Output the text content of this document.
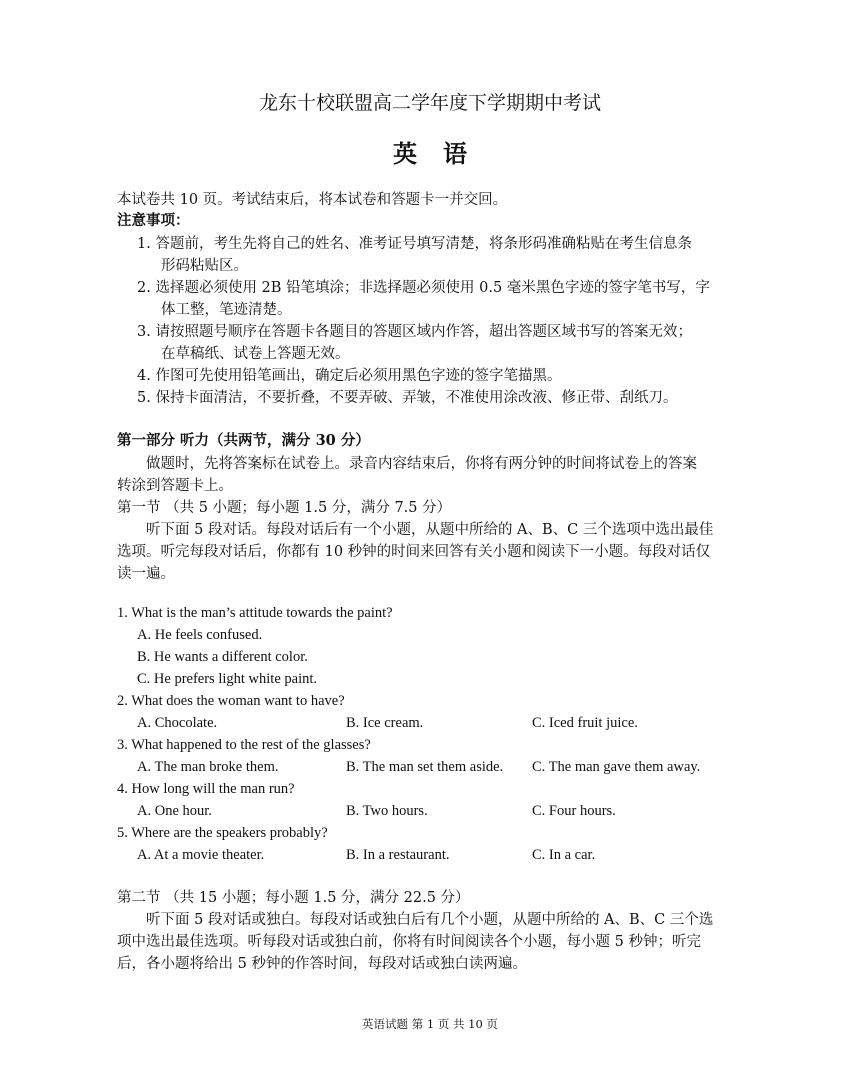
龙东十校联盟高二学年度下学期期中考试
英语
本试卷共 10 页。考试结束后，将本试卷和答题卡一并交回。
注意事项：
1. 答题前，考生先将自己的姓名、准考证号填写清楚，将条形码准确粘贴在考生信息条
形码粘贴区。
2. 选择题必须使用 2B 铅笔填涂；非选择题必须使用 0.5 毫米黑色字迹的签字笔书写，字
体工整，笔迹清楚。
3. 请按照题号顺序在答题卡各题目的答题区域内作答，超出答题区域书写的答案无效；
在草稿纸、试卷上答题无效。
4. 作图可先使用铅笔画出，确定后必须用黑色字迹的签字笔描黑。
5. 保持卡面清洁，不要折叠，不要弄破、弄皱，不准使用涂改液、修正带、刮纸刀。
第一部分 听力（共两节，满分 30 分）
做题时，先将答案标在试卷上。录音内容结束后，你将有两分钟的时间将试卷上的答案
转涂到答题卡上。
第一节 （共 5 小题；每小题 1.5 分，满分 7.5 分）
听下面 5 段对话。每段对话后有一个小题，从题中所给的 A、B、C 三个选项中选出最佳
选项。听完每段对话后，你都有 10 秒钟的时间来回答有关小题和阅读下一小题。每段对话仅
读一遍。
1. What is the man’s attitude towards the paint?
A. He feels confused.
B. He wants a different color.
C. He prefers light white paint.
2. What does the woman want to have?
A. Chocolate.	B. Ice cream.	C. Iced fruit juice.
3. What happened to the rest of the glasses?
A. The man broke them.	B. The man set them aside. C. The man gave them away.
4. How long will the man run?
A. One hour.	B. Two hours.	C. Four hours.
5. Where are the speakers probably?
A. At a movie theater.	B. In a restaurant.	C. In a car.
第二节 （共 15 小题；每小题 1.5 分，满分 22.5 分）
听下面 5 段对话或独白。每段对话或独白后有几个小题，从题中所给的 A、B、C 三个选
项中选出最佳选项。听每段对话或独白前，你将有时间阅读各个小题，每小题 5 秒钟；听完
后，各小题将给出 5 秒钟的作答时间，每段对话或独白读两遍。
英语试题 第 1 页 共 10 页
